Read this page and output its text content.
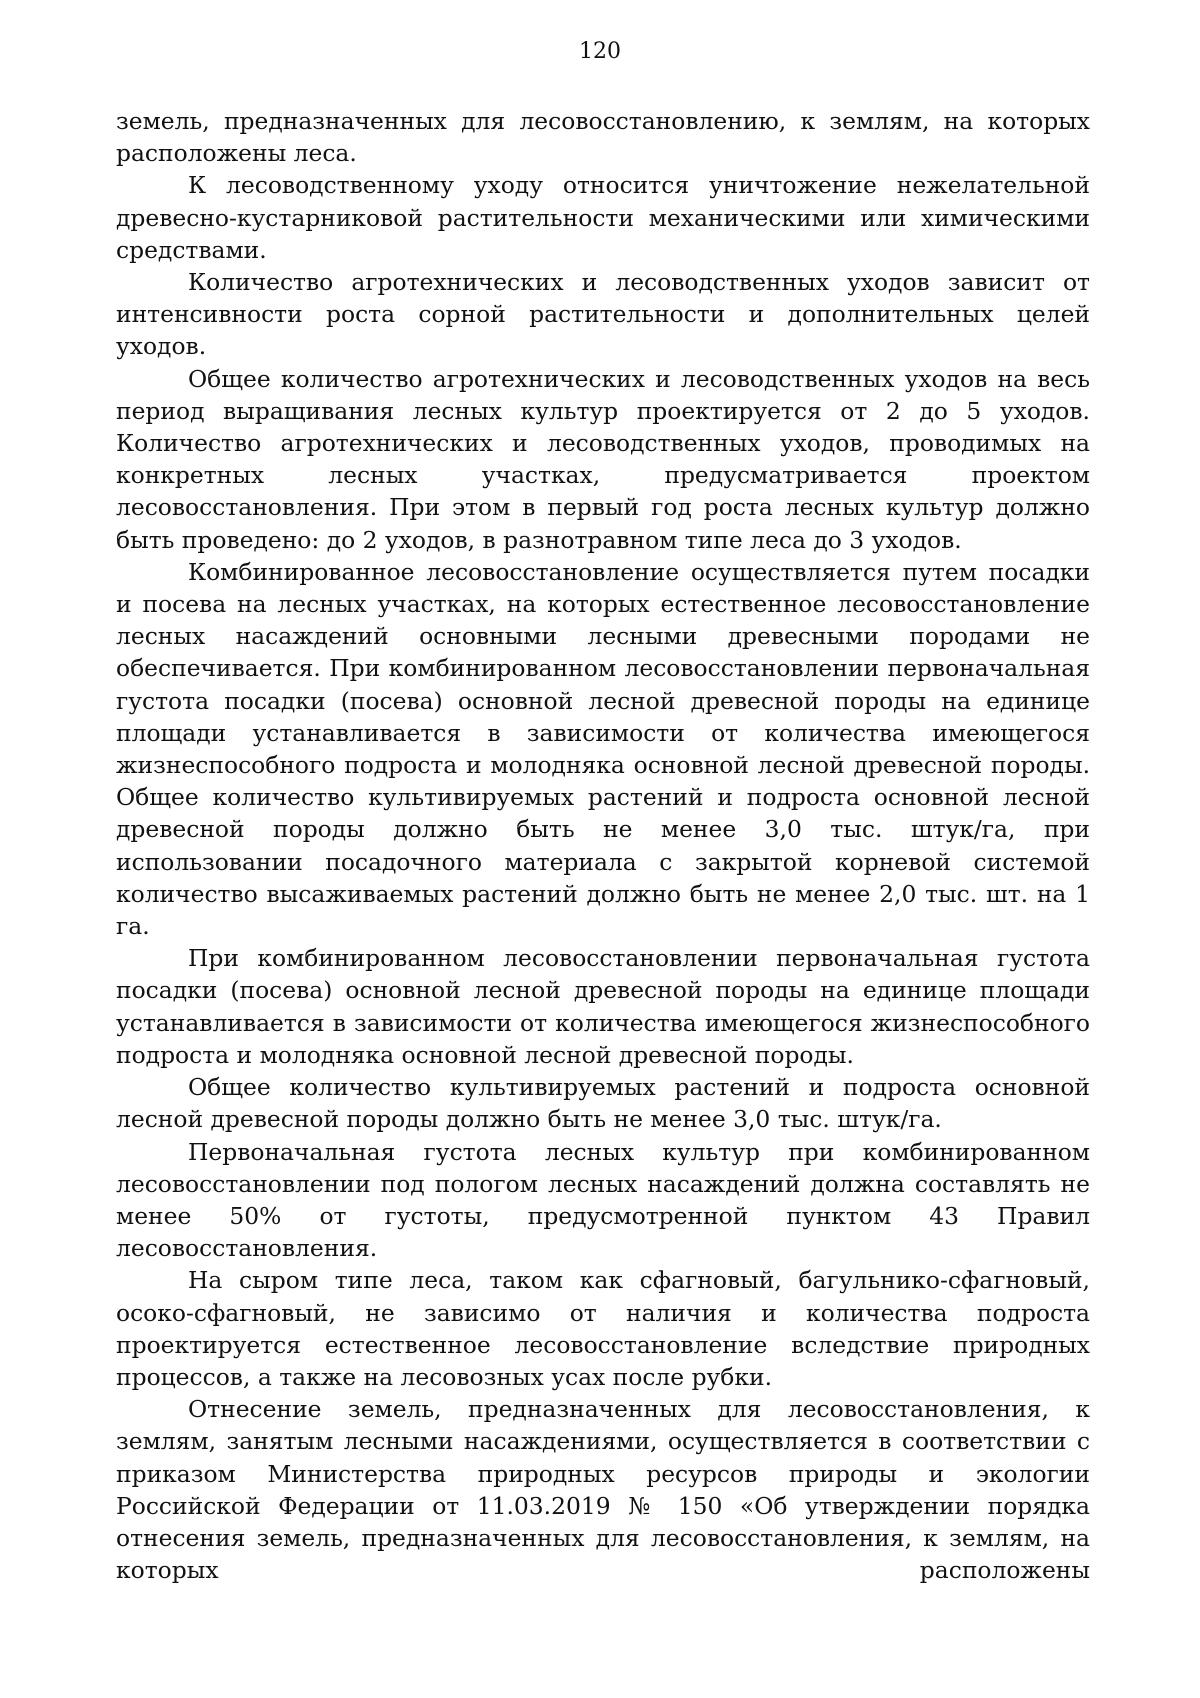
120

земель, предназначенных для лесовосстановлению, к землям, на которых расположены леса.

К лесоводственному уходу относится уничтожение нежелательной древесно-кустарниковой растительности механическими или химическими средствами.

Количество агротехнических и лесоводственных уходов зависит от интенсивности роста сорной растительности и дополнительных целей уходов.

Общее количество агротехнических и лесоводственных уходов на весь период выращивания лесных культур проектируется от 2 до 5 уходов. Количество агротехнических и лесоводственных уходов, проводимых на конкретных лесных участках, предусматривается проектом лесовосстановления. При этом в первый год роста лесных культур должно быть проведено: до 2 уходов, в разнотравном типе леса до 3 уходов.

Комбинированное лесовосстановление осуществляется путем посадки и посева на лесных участках, на которых естественное лесовосстановление лесных насаждений основными лесными древесными породами не обеспечивается. При комбинированном лесовосстановлении первоначальная густота посадки (посева) основной лесной древесной породы на единице площади устанавливается в зависимости от количества имеющегося жизнеспособного подроста и молодняка основной лесной древесной породы. Общее количество культивируемых растений и подроста основной лесной древесной породы должно быть не менее 3,0 тыс. штук/га, при использовании посадочного материала с закрытой корневой системой количество высаживаемых растений должно быть не менее 2,0 тыс. шт. на 1 га.

При комбинированном лесовосстановлении первоначальная густота посадки (посева) основной лесной древесной породы на единице площади устанавливается в зависимости от количества имеющегося жизнеспособного подроста и молодняка основной лесной древесной породы.

Общее количество культивируемых растений и подроста основной лесной древесной породы должно быть не менее 3,0 тыс. штук/га.

Первоначальная густота лесных культур при комбинированном лесовосстановлении под пологом лесных насаждений должна составлять не менее 50% от густоты, предусмотренной пунктом 43 Правил лесовосстановления.

На сыром типе леса, таком как сфагновый, багульнико-сфагновый, осоко-сфагновый, не зависимо от наличия и количества подроста проектируется естественное лесовосстановление вследствие природных процессов, а также на лесовозных усах после рубки.

Отнесение земель, предназначенных для лесовосстановления, к землям, занятым лесными насаждениями, осуществляется в соответствии с приказом Министерства природных ресурсов природы и экологии Российской Федерации от 11.03.2019 № 150 «Об утверждении порядка отнесения земель, предназначенных для лесовосстановления, к землям, на которых расположены
